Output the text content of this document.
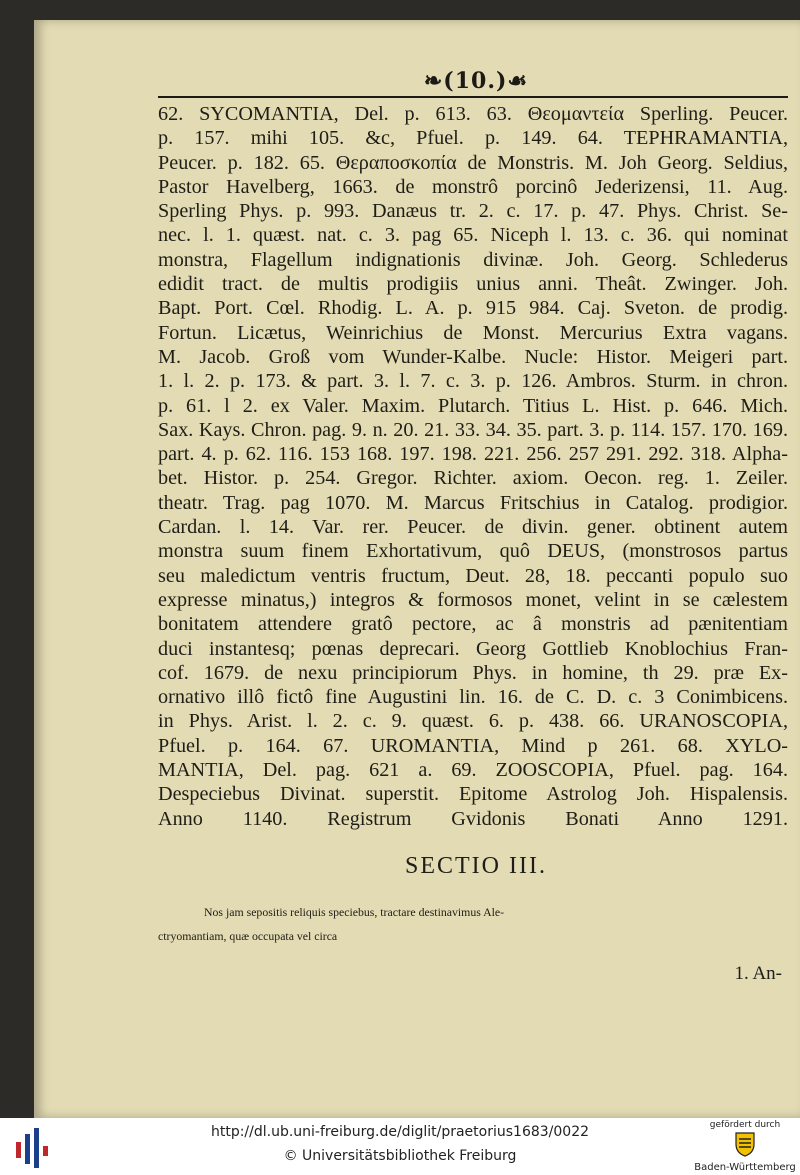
❧(10.)☙
62. SYCOMANTIA, Del. p. 613. 63. Θεομαντεία Sperling. Peucer.
p. 157. mihi 105. &c, Pfuel. p. 149. 64. TEPHRAMANTIA,
Peucer. p. 182. 65. Θεραποσκοπία de Monstris. M. Joh Georg. Seldius,
Pastor Havelberg, 1663. de monstrô porcinô Jederizensi, 11. Aug.
Sperling Phys. p. 993. Danæus tr. 2. c. 17. p. 47. Phys. Christ. Se-
nec. l. 1. quæst. nat. c. 3. pag 65. Niceph l. 13. c. 36. qui nominat
monstra, Flagellum indignationis divinæ. Joh. Georg. Schlederus
edidit tract. de multis prodigiis unius anni. Theât. Zwinger. Joh.
Bapt. Port. Cœl. Rhodig. L. A. p. 915 984. Caj. Sveton. de prodig.
Fortun. Licætus, Weinrichius de Monst. Mercurius Extra vagans.
M. Jacob. Groß vom Wunder-Kalbe. Nucle: Histor. Meigeri part.
1. l. 2. p. 173. & part. 3. l. 7. c. 3. p. 126. Ambros. Sturm. in chron.
p. 61. l 2. ex Valer. Maxim. Plutarch. Titius L. Hist. p. 646. Mich.
Sax. Kays. Chron. pag. 9. n. 20. 21. 33. 34. 35. part. 3. p. 114. 157. 170. 169.
part. 4. p. 62. 116. 153 168. 197. 198. 221. 256. 257 291. 292. 318. Alpha-
bet. Histor. p. 254. Gregor. Richter. axiom. Oecon. reg. 1. Zeiler.
theatr. Trag. pag 1070. M. Marcus Fritschius in Catalog. prodigior.
Cardan. l. 14. Var. rer. Peucer. de divin. gener. obtinent autem
monstra suum finem Exhortativum, quô DEUS, (monstrosos partus
seu maledictum ventris fructum, Deut. 28, 18. peccanti populo suo
expresse minatus,) integros & formosos monet, velint in se cælestem
bonitatem attendere gratô pectore, ac â monstris ad pænitentiam
duci instantesq; pœnas deprecari. Georg Gottlieb Knoblochius Fran-
cof. 1679. de nexu principiorum Phys. in homine, th 29. præ Ex-
ornativo illô fictô fine Augustini lin. 16. de C. D. c. 3 Conimbicens.
in Phys. Arist. l. 2. c. 9. quæst. 6. p. 438. 66. URANOSCOPIA,
Pfuel. p. 164. 67. UROMANTIA, Mind p 261. 68. XYLO-
MANTIA, Del. pag. 621 a. 69. ZOOSCOPIA, Pfuel. pag. 164.
Despeciebus Divinat. superstit. Epitome Astrolog Joh. Hispalensis.
Anno 1140. Registrum Gvidonis Bonati Anno 1291.
SECTIO III.
Nos jam sepositis reliquis speciebus, tractare destinavimus Ale-
ctryomantiam, quæ occupata vel circa
1. An-
http://dl.ub.uni-freiburg.de/diglit/praetorius1683/0022
© Universitätsbibliothek Freiburg
gefördert durch
Baden-Württemberg
